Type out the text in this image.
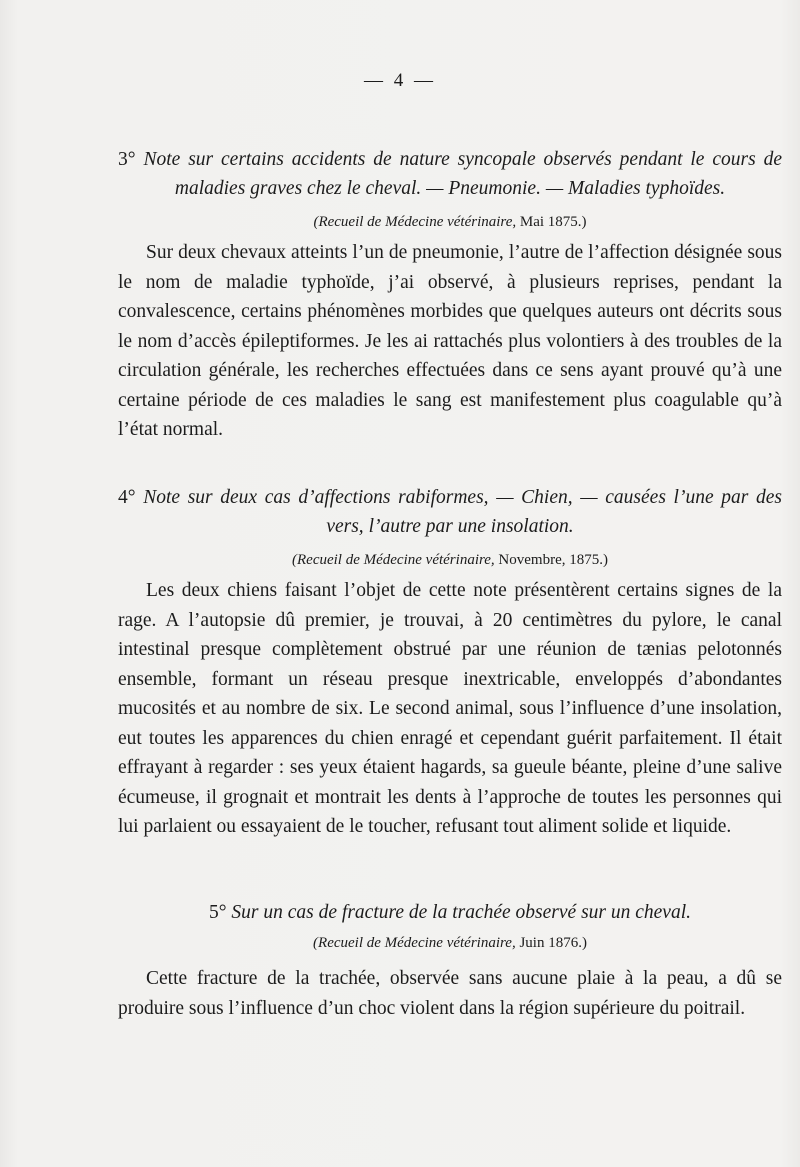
— 4 —

3° Note sur certains accidents de nature syncopale observés pendant le cours de maladies graves chez le cheval. — Pneumonie. — Maladies typhoïdes.

(Recueil de Médecine vétérinaire, Mai 1875.)

Sur deux chevaux atteints l’un de pneumonie, l’autre de l’affection désignée sous le nom de maladie typhoïde, j’ai observé, à plusieurs reprises, pendant la convalescence, certains phénomènes morbides que quelques auteurs ont décrits sous le nom d’accès épileptiformes. Je les ai rattachés plus volontiers à des troubles de la circulation générale, les recherches effectuées dans ce sens ayant prouvé qu’à une certaine période de ces maladies le sang est manifestement plus coagulable qu’à l’état normal.

4° Note sur deux cas d’affections rabiformes, — Chien, — causées l’une par des vers, l’autre par une insolation.

(Recueil de Médecine vétérinaire, Novembre, 1875.)

Les deux chiens faisant l’objet de cette note présentèrent certains signes de la rage. A l’autopsie dû premier, je trouvai, à 20 centimètres du pylore, le canal intestinal presque complètement obstrué par une réunion de tænias pelotonnés ensemble, formant un réseau presque inextricable, enveloppés d’abondantes mucosités et au nombre de six. Le second animal, sous l’influence d’une insolation, eut toutes les apparences du chien enragé et cependant guérit parfaitement. Il était effrayant à regarder : ses yeux étaient hagards, sa gueule béante, pleine d’une salive écumeuse, il grognait et montrait les dents à l’approche de toutes les personnes qui lui parlaient ou essayaient de le toucher, refusant tout aliment solide et liquide.

5° Sur un cas de fracture de la trachée observé sur un cheval.

(Recueil de Médecine vétérinaire, Juin 1876.)

Cette fracture de la trachée, observée sans aucune plaie à la peau, a dû se produire sous l’influence d’un choc violent dans la région supérieure du poitrail.
